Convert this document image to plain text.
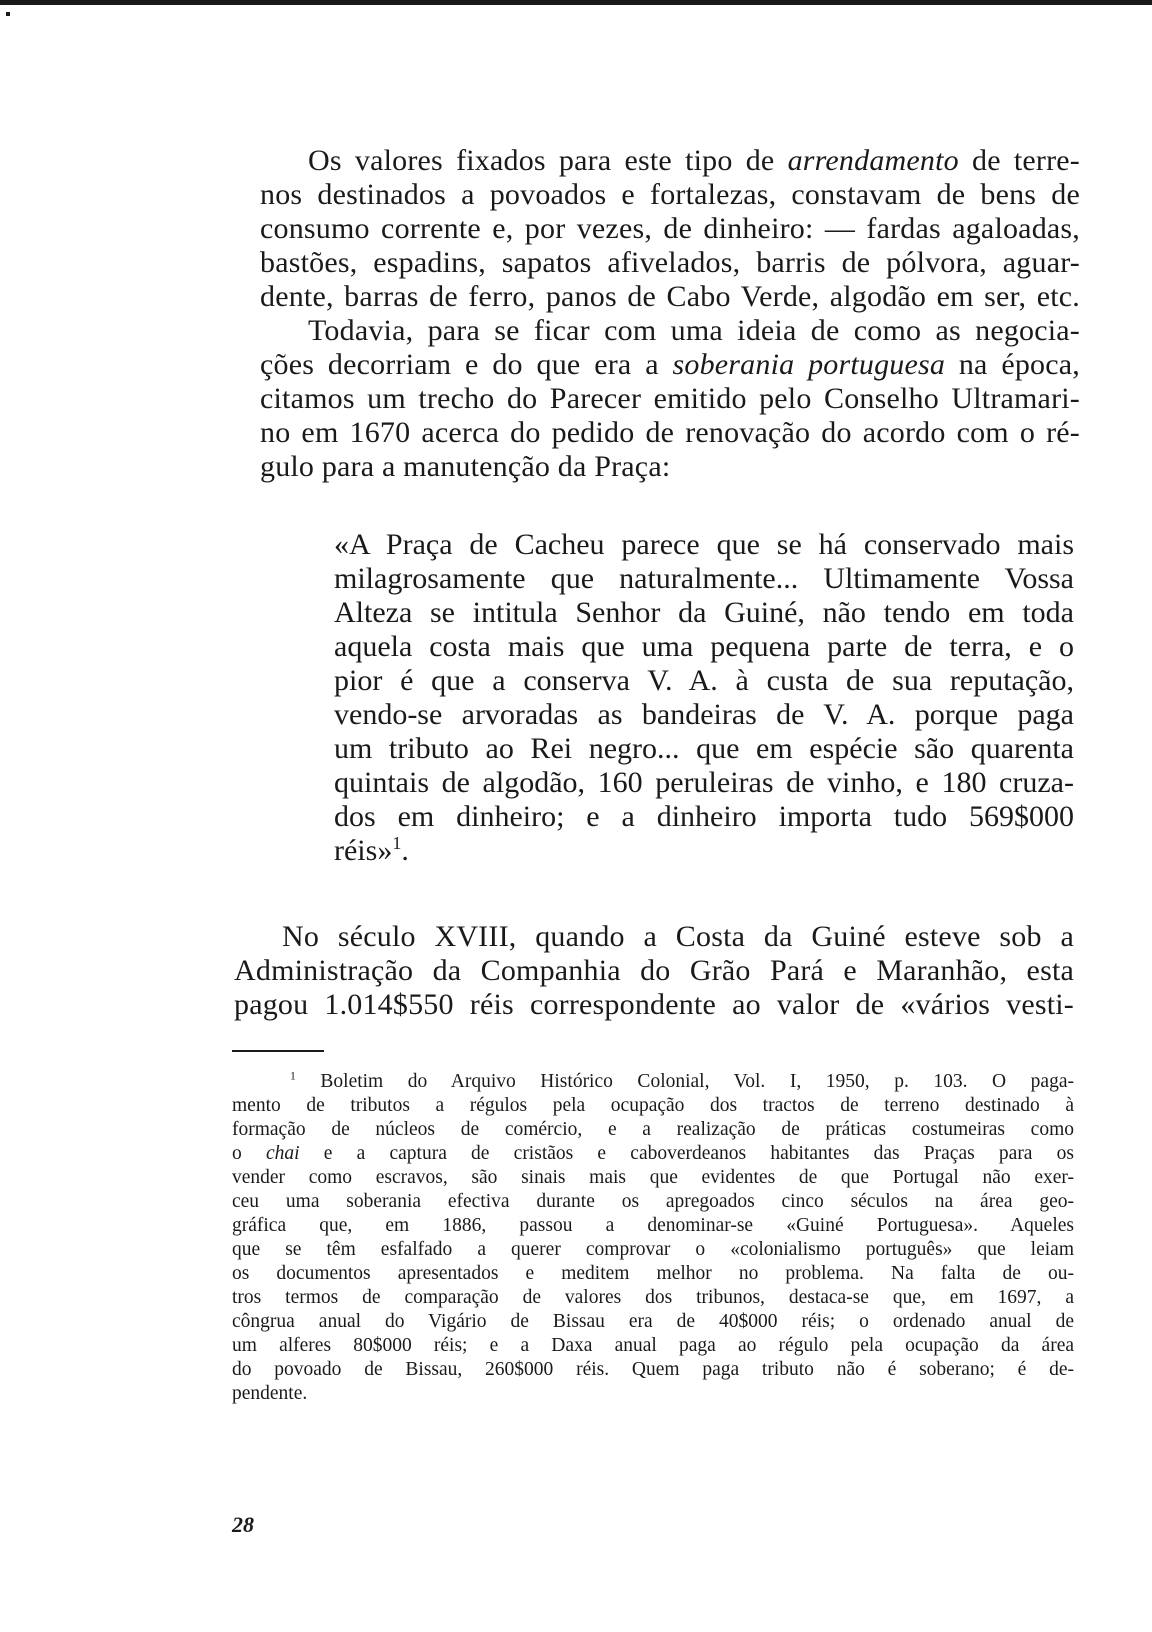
Os valores fixados para este tipo de arrendamento de terre-

nos destinados a povoados e fortalezas, constavam de bens de

consumo corrente e, por vezes, de dinheiro: — fardas agaloadas,

bastões, espadins, sapatos afivelados, barris de pólvora, aguar-

dente, barras de ferro, panos de Cabo Verde, algodão em ser, etc.

Todavia, para se ficar com uma ideia de como as negocia-

ções decorriam e do que era a soberania portuguesa na época,

citamos um trecho do Parecer emitido pelo Conselho Ultramari-

no em 1670 acerca do pedido de renovação do acordo com o ré-

gulo para a manutenção da Praça:

«A Praça de Cacheu parece que se há conservado mais

milagrosamente que naturalmente... Ultimamente Vossa

Alteza se intitula Senhor da Guiné, não tendo em toda

aquela costa mais que uma pequena parte de terra, e o

pior é que a conserva V. A. à custa de sua reputação,

vendo-se arvoradas as bandeiras de V. A. porque paga

um tributo ao Rei negro... que em espécie são quarenta

quintais de algodão, 160 peruleiras de vinho, e 180 cruza-

dos em dinheiro; e a dinheiro importa tudo 569$000

réis»$^1$.

No século XVIII, quando a Costa da Guiné esteve sob a

Administração da Companhia do Grão Pará e Maranhão, esta

pagou 1.014$550 réis correspondente ao valor de «vários vesti-

$^1$ Boletim do Arquivo Histórico Colonial, Vol. I, 1950, p. 103. O paga-

mento de tributos a régulos pela ocupação dos tractos de terreno destinado à

formação de núcleos de comércio, e a realização de práticas costumeiras como

o chai e a captura de cristãos e caboverdeanos habitantes das Praças para os

vender como escravos, são sinais mais que evidentes de que Portugal não exer-

ceu uma soberania efectiva durante os apregoados cinco séculos na área geo-

gráfica que, em 1886, passou a denominar-se «Guiné Portuguesa». Aqueles

que se têm esfalfado a querer comprovar o «colonialismo português» que leiam

os documentos apresentados e meditem melhor no problema. Na falta de ou-

tros termos de comparação de valores dos tribunos, destaca-se que, em 1697, a

côngrua anual do Vigário de Bissau era de 40$000 réis; o ordenado anual de

um alferes 80$000 réis; e a Daxa anual paga ao régulo pela ocupação da área

do povoado de Bissau, 260$000 réis. Quem paga tributo não é soberano; é de-

pendente.

28
